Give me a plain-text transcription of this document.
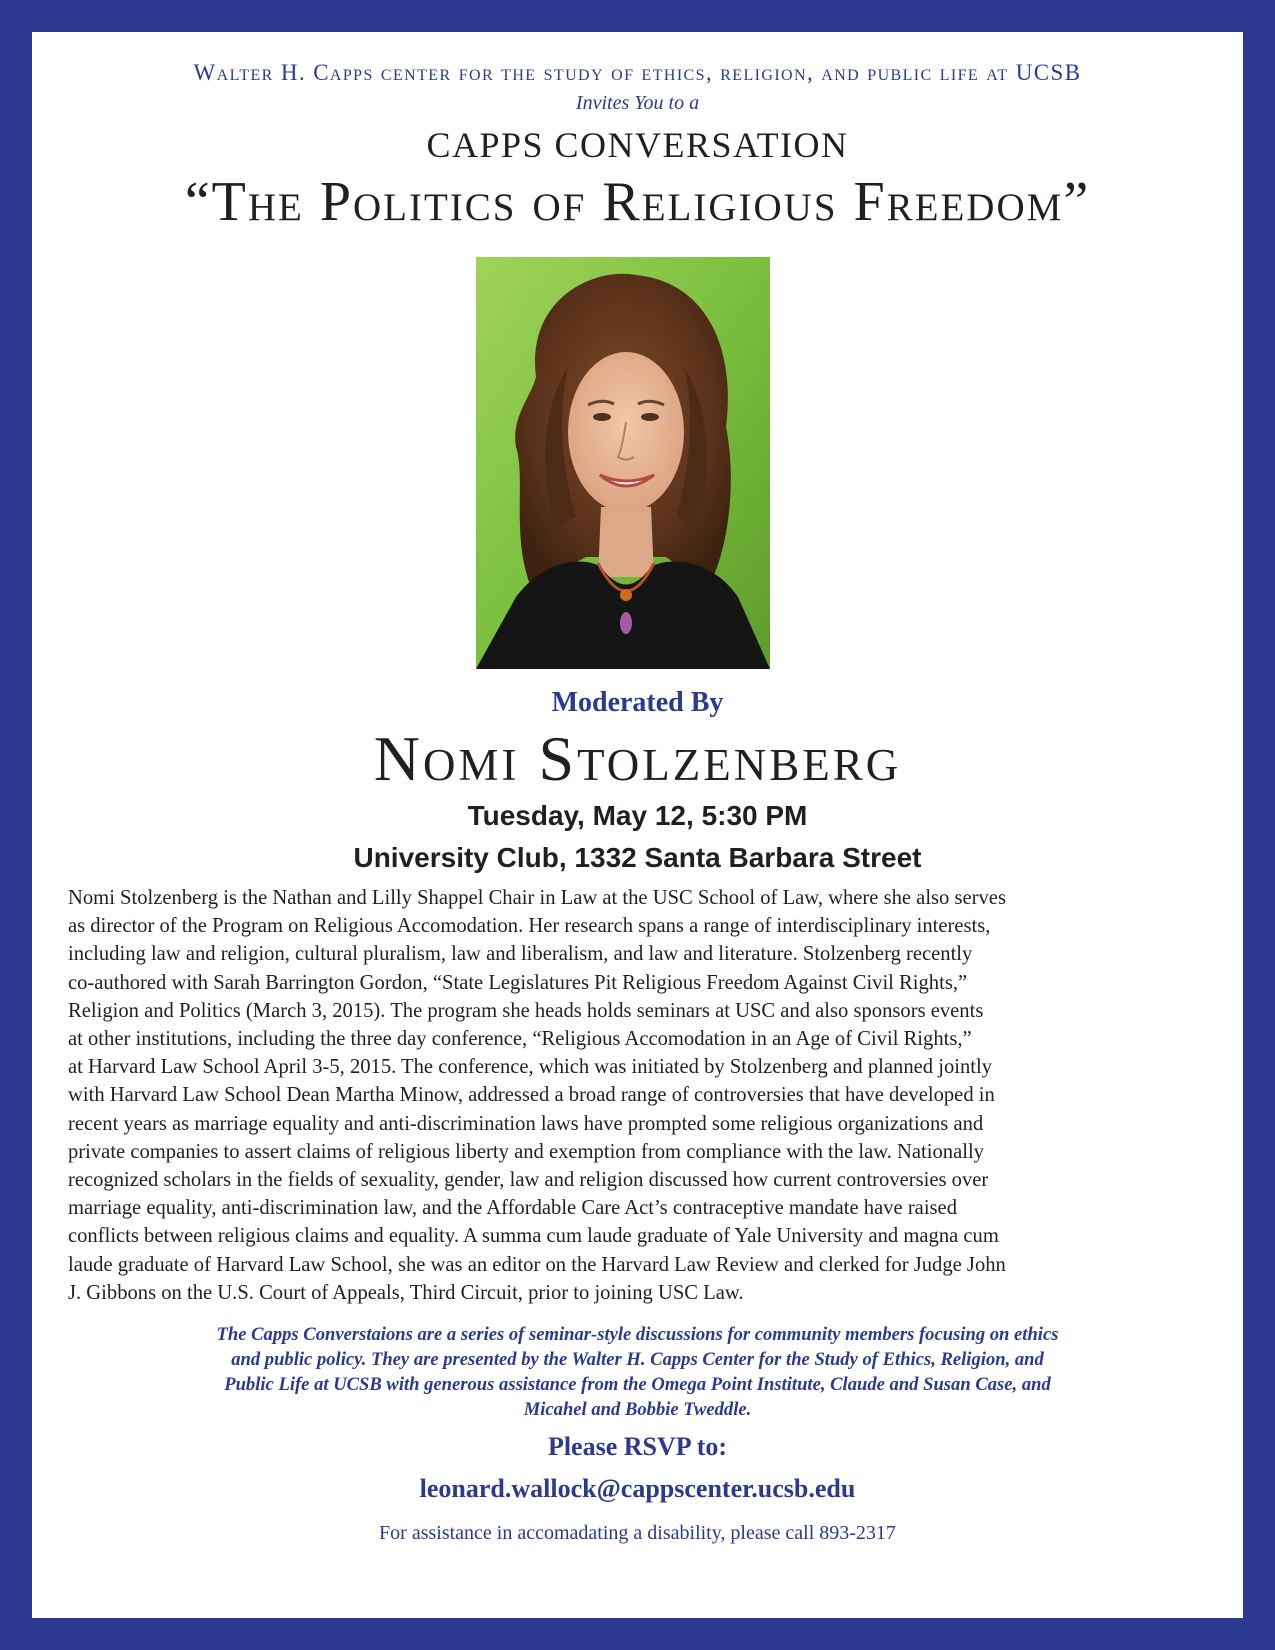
Walter H. Capps center for the study of ethics, religion, and public life at UCSB
Invites You to a
CAPPS CONVERSATION
“The Politics of Religious Freedom”
Moderated By
Nomi Stolzenberg
Tuesday, May 12, 5:30 PM
University Club, 1332 Santa Barbara Street

Nomi Stolzenberg is the Nathan and Lilly Shappel Chair in Law at the USC School of Law, where she also serves
as director of the Program on Religious Accomodation. Her research spans a range of interdisciplinary interests,
including law and religion, cultural pluralism, law and liberalism, and law and literature. Stolzenberg recently
co-authored with Sarah Barrington Gordon, “State Legislatures Pit Religious Freedom Against Civil Rights,”
Religion and Politics (March 3, 2015). The program she heads holds seminars at USC and also sponsors events
at other institutions, including the three day conference, “Religious Accomodation in an Age of Civil Rights,”
at Harvard Law School April 3-5, 2015. The conference, which was initiated by Stolzenberg and planned jointly
with Harvard Law School Dean Martha Minow, addressed a broad range of controversies that have developed in
recent years as marriage equality and anti-discrimination laws have prompted some religious organizations and
private companies to assert claims of religious liberty and exemption from compliance with the law. Nationally
recognized scholars in the fields of sexuality, gender, law and religion discussed how current controversies over
marriage equality, anti-discrimination law, and the Affordable Care Act’s contraceptive mandate have raised
conflicts between religious claims and equality. A summa cum laude graduate of Yale University and magna cum
laude graduate of Harvard Law School, she was an editor on the Harvard Law Review and clerked for Judge John
J. Gibbons on the U.S. Court of Appeals, Third Circuit, prior to joining USC Law.

The Capps Converstaions are a series of seminar-style discussions for community members focusing on ethics
and public policy. They are presented by the Walter H. Capps Center for the Study of Ethics, Religion, and
Public Life at UCSB with generous assistance from the Omega Point Institute, Claude and Susan Case, and
Micahel and Bobbie Tweddle.
Please RSVP to:
leonard.wallock@cappscenter.ucsb.edu
For assistance in accomadating a disability, please call 893-2317
